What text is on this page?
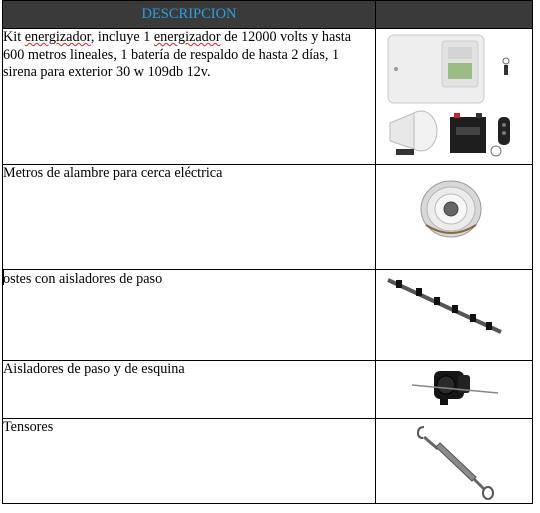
DESCRIPCION	
Kit energizador, incluye 1 energizador de 12000 volts y hasta 600 metros lineales, 1 batería de respaldo de hasta 2 días, 1 sirena para exterior 30 w 109db 12v.	

Metros de alambre para cerca eléctrica	

ostes con aisladores de paso	

Aisladores de paso y de esquina	

Tensores	
